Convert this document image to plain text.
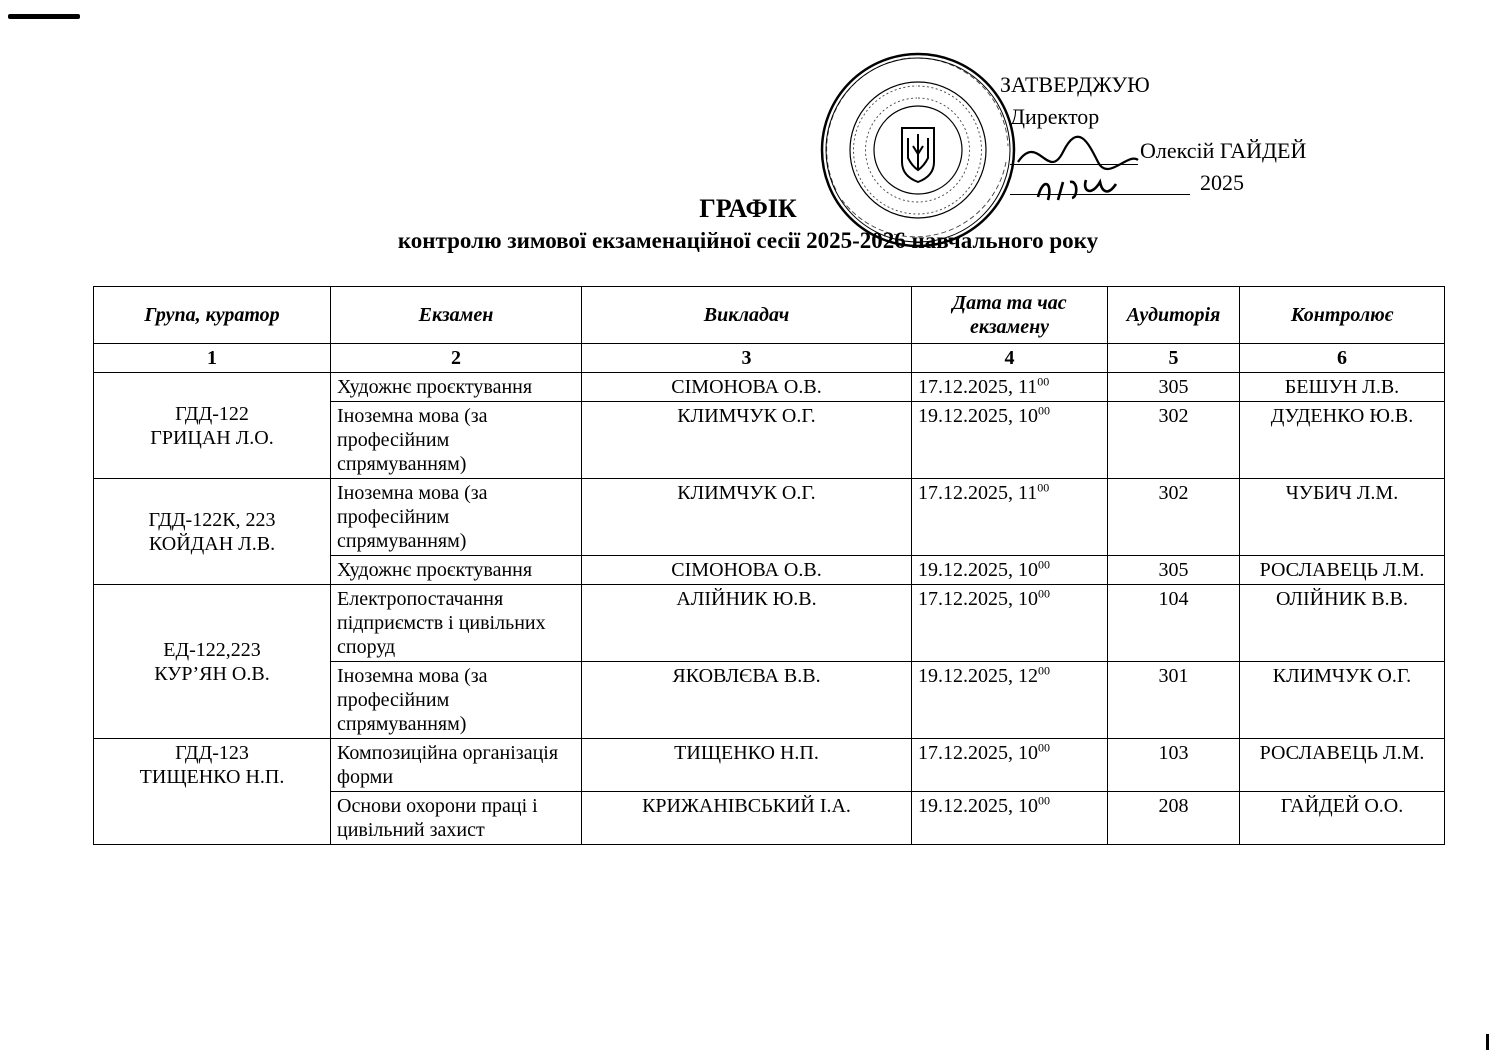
ЗАТВЕРДЖУЮ
Директор
Олексій ГАЙДЕЙ
2025
ГРАФІК
контролю зимової екзаменаційної сесії 2025-2026 навчального року
Група, куратор	Екзамен	Викладач	Дата та час екзамену	Аудиторія	Контролює
1	2	3	4	5	6

ГДД-122
ГРИЦАН Л.О.	Художнє проєктування	СІМОНОВА О.В.	17.12.2025, $11^{00}$	305	БЕШУН Л.В.
	Іноземна мова (за професійним спрямуванням)	КЛИМЧУК О.Г.	19.12.2025, $10^{00}$	302	ДУДЕНКО Ю.В.

ГДД-122К, 223
КОЙДАН Л.В.	Іноземна мова (за професійним спрямуванням)	КЛИМЧУК О.Г.	17.12.2025, $11^{00}$	302	ЧУБИЧ Л.М.
	Художнє проєктування	СІМОНОВА О.В.	19.12.2025, $10^{00}$	305	РОСЛАВЕЦЬ Л.М.

ЕД-122,223
КУР’ЯН О.В.	Електропостачання підприємств і цивільних споруд	АЛІЙНИК Ю.В.	17.12.2025, $10^{00}$	104	ОЛІЙНИК В.В.
	Іноземна мова (за професійним спрямуванням)	ЯКОВЛЄВА В.В.	19.12.2025, $12^{00}$	301	КЛИМЧУК О.Г.

ГДД-123
ТИЩЕНКО Н.П.	Композиційна організація форми	ТИЩЕНКО Н.П.	17.12.2025, $10^{00}$	103	РОСЛАВЕЦЬ Л.М.
	Основи охорони праці і цивільний захист	КРИЖАНІВСЬКИЙ І.А.	19.12.2025, $10^{00}$	208	ГАЙДЕЙ О.О.
